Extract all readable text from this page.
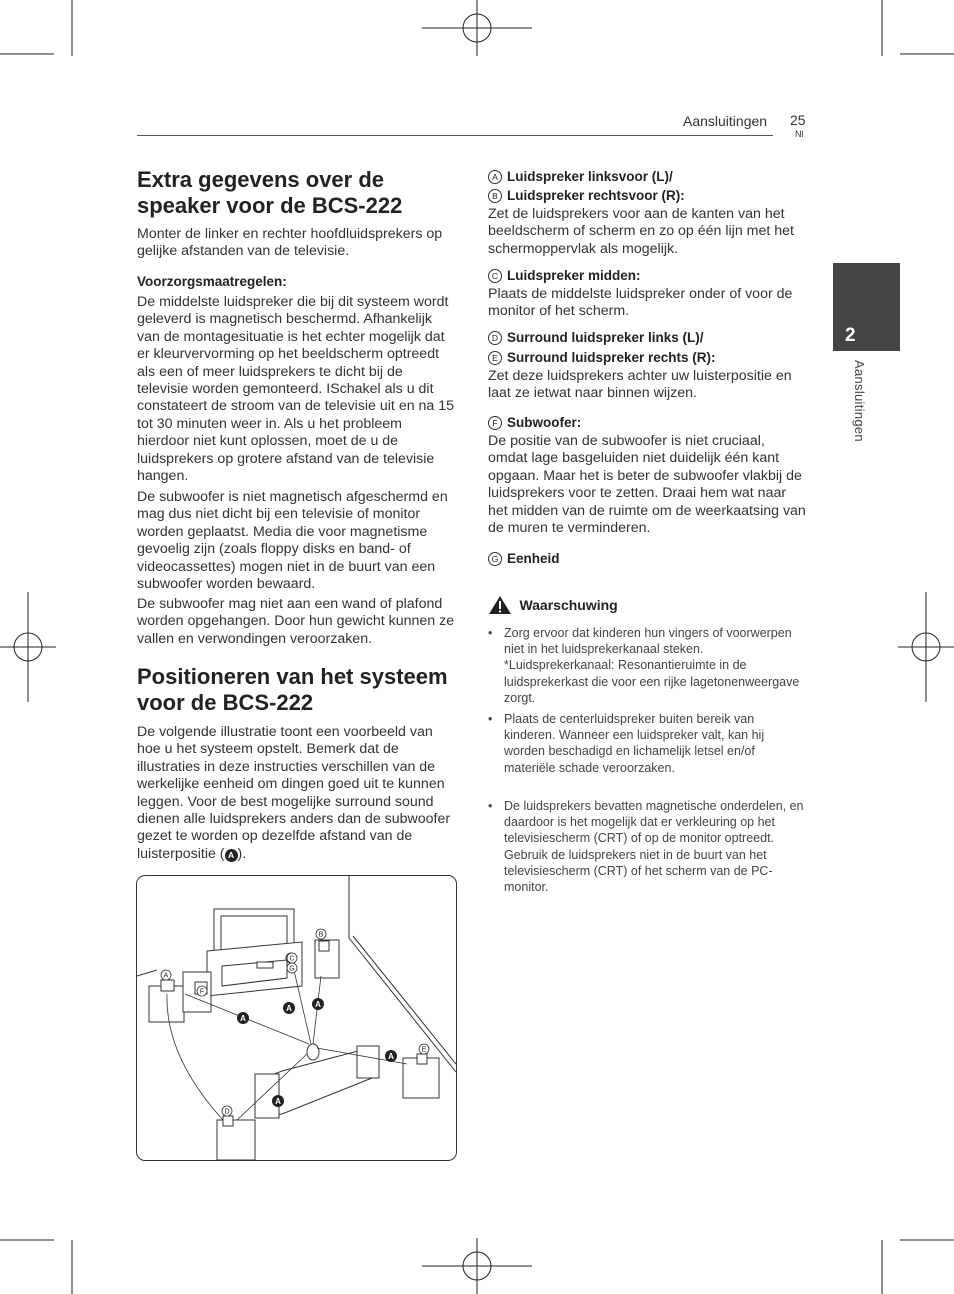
Aansluitingen 25
Nl
2
Aansluitingen
Extra gegevens over de
speaker voor de BCS-222

Monter de linker en rechter hoofdluidsprekers op gelijke afstanden van de televisie.

Voorzorgsmaatregelen:

De middelste luidspreker die bij dit systeem wordt geleverd is magnetisch beschermd. Afhankelijk van de montagesituatie is het echter mogelijk dat er kleurvervorming op het beeldscherm optreedt als een of meer luidsprekers te dicht bij de televisie worden gemonteerd. ISchakel als u dit constateert de stroom van de televisie uit en na 15 tot 30 minuten weer in. Als u het probleem hierdoor niet kunt oplossen, moet de u de luidsprekers op grotere afstand van de televisie hangen.

De subwoofer is niet magnetisch afgeschermd en mag dus niet dicht bij een televisie of monitor worden geplaatst. Media die voor magnetisme gevoelig zijn (zoals floppy disks en band- of videocassettes) mogen niet in de buurt van een subwoofer worden bewaard.

De subwoofer mag niet aan een wand of plafond worden opgehangen. Door hun gewicht kunnen ze vallen en verwondingen veroorzaken.

Positioneren van het systeem
voor de BCS-222

De volgende illustratie toont een voorbeeld van hoe u het systeem opstelt. Bemerk dat de illustraties in deze instructies verschillen van de werkelijke eenheid om dingen goed uit te kunnen leggen. Voor de best mogelijke surround sound dienen alle luidsprekers anders dan de subwoofer gezet te worden op dezelfde afstand van de luisterpositie ( A ).

A
A	A
A
A
A
B
C
D
E
F
G

A Luidspreker linksvoor (L)/

B Luidspreker rechtsvoor (R):

Zet de luidsprekers voor aan de kanten van het beeldscherm of scherm en zo op één lijn met het schermoppervlak als mogelijk.

C Luidspreker midden:

Plaats de middelste luidspreker onder of voor de monitor of het scherm.

D Surround luidspreker links (L)/

E Surround luidspreker rechts (R):

Zet deze luidsprekers achter uw luisterpositie en laat ze ietwat naar binnen wijzen.

F Subwoofer:

De positie van de subwoofer is niet cruciaal, omdat lage basgeluiden niet duidelijk één kant opgaan. Maar het is beter de subwoofer vlakbij de luidsprekers voor te zetten. Draai hem wat naar het midden van de ruimte om de weerkaatsing van de muren te verminderen.

G Eenheid

Waarschuwing
• Zorg ervoor dat kinderen hun vingers of voorwerpen niet in het luidsprekerkanaal steken. *Luidsprekerkanaal: Resonantieruimte in de luidsprekerkast die voor een rijke lagetonenweergave zorgt.
• Plaats de centerluidspreker buiten bereik van kinderen. Wanneer een luidspreker valt, kan hij worden beschadigd en lichamelijk letsel en/of materiële schade veroorzaken.
• De luidsprekers bevatten magnetische onderdelen, en daardoor is het mogelijk dat er verkleuring op het televisiescherm (CRT) of op de monitor optreedt. Gebruik de luidsprekers niet in de buurt van het televisiescherm (CRT) of het scherm van de PC-monitor.
